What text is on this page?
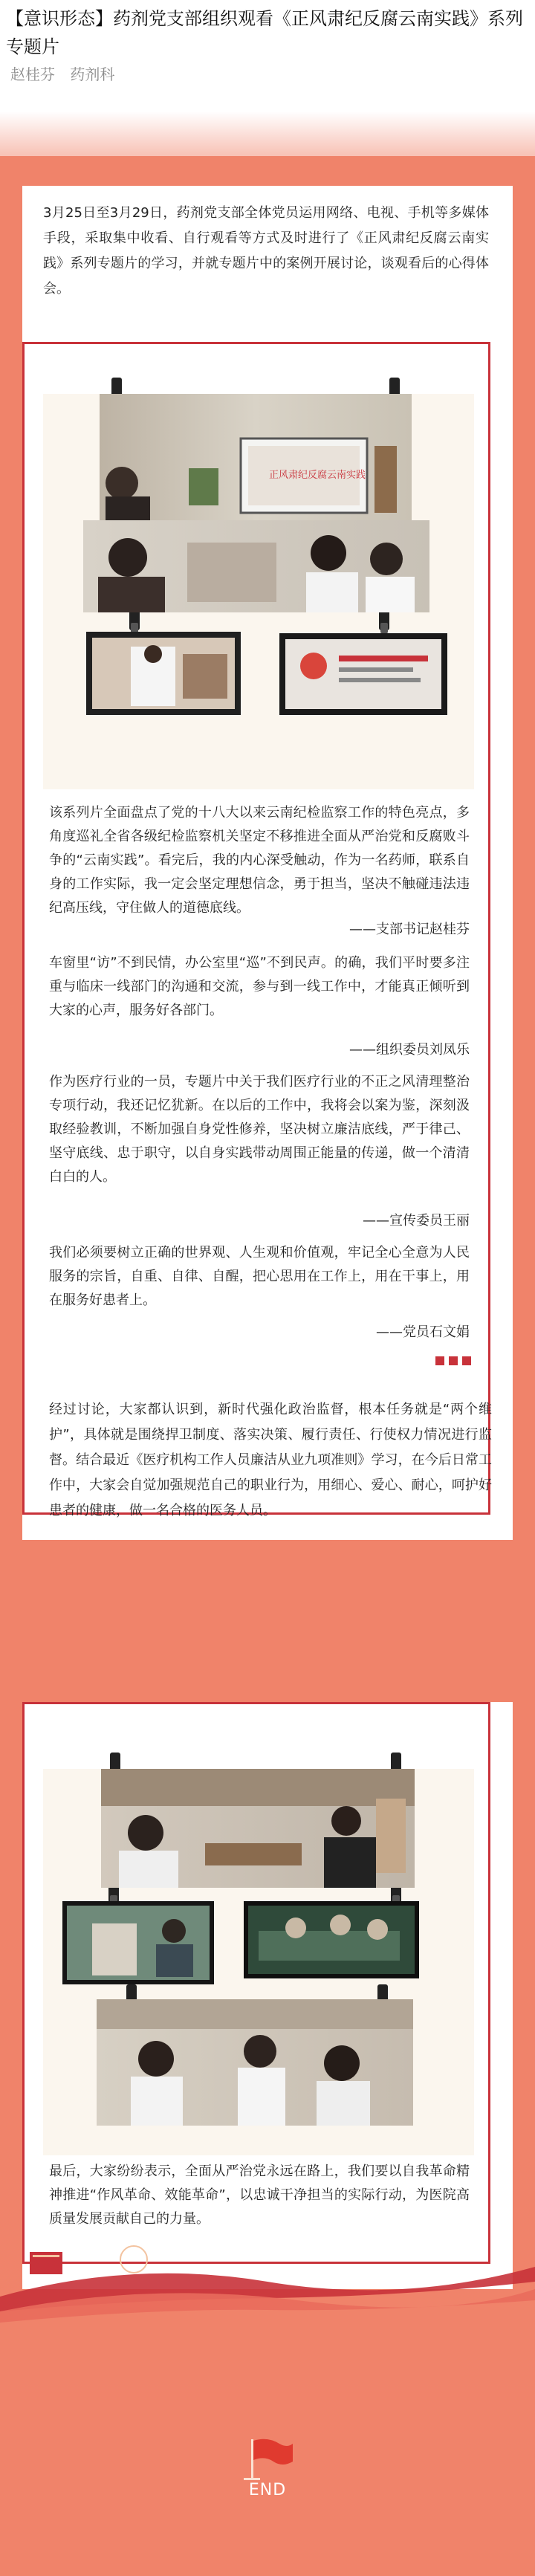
【意识形态】药剂党支部组织观看《正风肃纪反腐云南实践》系列专题片
赵桂芬 药剂科
3月25日至3月29日，药剂党支部全体党员运用网络、电视、手机等多媒体手段，采取集中收看、自行观看等方式及时进行了《正风肃纪反腐云南实践》系列专题片的学习，并就专题片中的案例开展讨论，谈观看后的心得体会。
正风肃纪反腐云南实践
该系列片全面盘点了党的十八大以来云南纪检监察工作的特色亮点，多角度巡礼全省各级纪检监察机关坚定不移推进全面从严治党和反腐败斗争的“云南实践”。看完后，我的内心深受触动，作为一名药师，联系自身的工作实际，我一定会坚定理想信念，勇于担当，坚决不触碰违法违纪高压线，守住做人的道德底线。
——支部书记赵桂芬
车窗里“访”不到民情，办公室里“巡”不到民声。的确，我们平时要多注重与临床一线部门的沟通和交流，参与到一线工作中，才能真正倾听到大家的心声，服务好各部门。
——组织委员刘凤乐
作为医疗行业的一员，专题片中关于我们医疗行业的不正之风清理整治专项行动，我还记忆犹新。在以后的工作中，我将会以案为鉴，深刻汲取经验教训，不断加强自身党性修养，坚决树立廉洁底线，严于律己、坚守底线、忠于职守，以自身实践带动周围正能量的传递，做一个清清白白的人。
——宣传委员王丽
我们必须要树立正确的世界观、人生观和价值观，牢记全心全意为人民服务的宗旨，自重、自律、自醒，把心思用在工作上，用在干事上，用在服务好患者上。
——党员石文娟
经过讨论，大家都认识到，新时代强化政治监督，根本任务就是“两个维护”，具体就是围绕捍卫制度、落实决策、履行责任、行使权力情况进行监督。结合最近《医疗机构工作人员廉洁从业九项准则》学习，在今后日常工作中，大家会自觉加强规范自己的职业行为，用细心、爱心、耐心，呵护好患者的健康，做一名合格的医务人员。
最后，大家纷纷表示，全面从严治党永远在路上，我们要以自我革命精神推进“作风革命、效能革命”，以忠诚干净担当的实际行动，为医院高质量发展贡献自己的力量。
END
